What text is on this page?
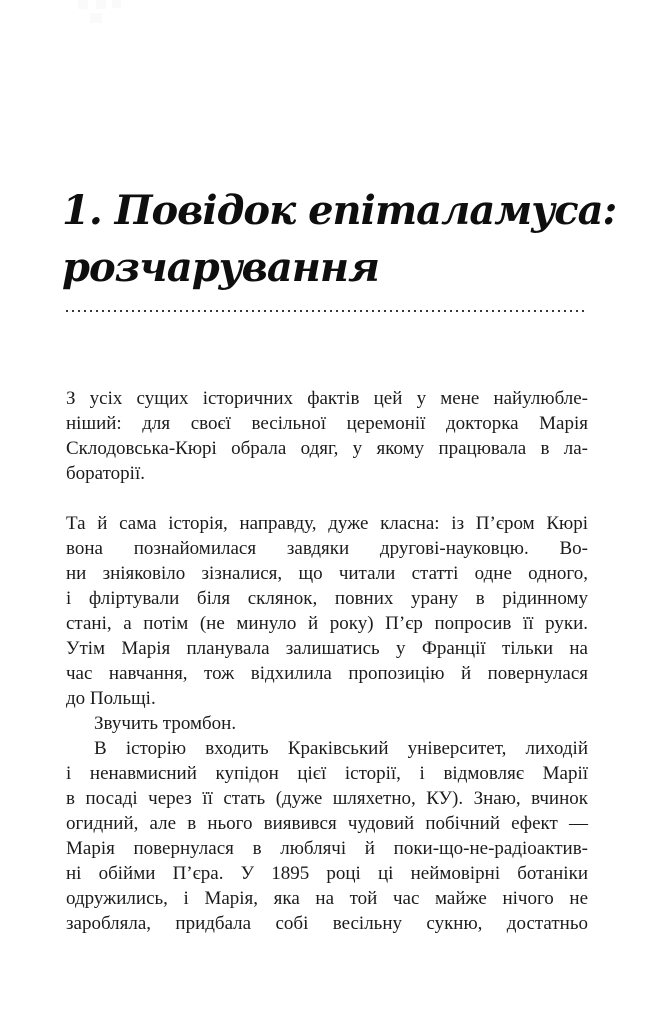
1. Повідок епіталамуса:
розчарування
З усіх сущих історичних фактів цей у мене найулюбле-
ніший: для своєї весільної церемонії докторка Марія
Склодовська-Кюрі обрала одяг, у якому працювала в ла-
бораторії.
Та й сама історія, направду, дуже класна: із П’єром Кюрі
вона познайомилася завдяки другові-науковцю. Во-
ни зніяковіло зізналися, що читали статті одне одного,
і фліртували біля склянок, повних урану в рідинному
стані, а потім (не минуло й року) П’єр попросив її руки.
Утім Марія планувала залишатись у Франції тільки на
час навчання, тож відхилила пропозицію й повернулася
до Польщі.
Звучить тромбон.
В історію входить Краківський університет, лиходій
і ненавмисний купідон цієї історії, і відмовляє Марії
в посаді через її стать (дуже шляхетно, КУ). Знаю, вчинок
огидний, але в нього виявився чудовий побічний ефект —
Марія повернулася в люблячі й поки-що-не-радіоактив-
ні обійми П’єра. У 1895 році ці неймовірні ботаніки
одружились, і Марія, яка на той час майже нічого не
заробляла, придбала собі весільну сукню, достатньо
